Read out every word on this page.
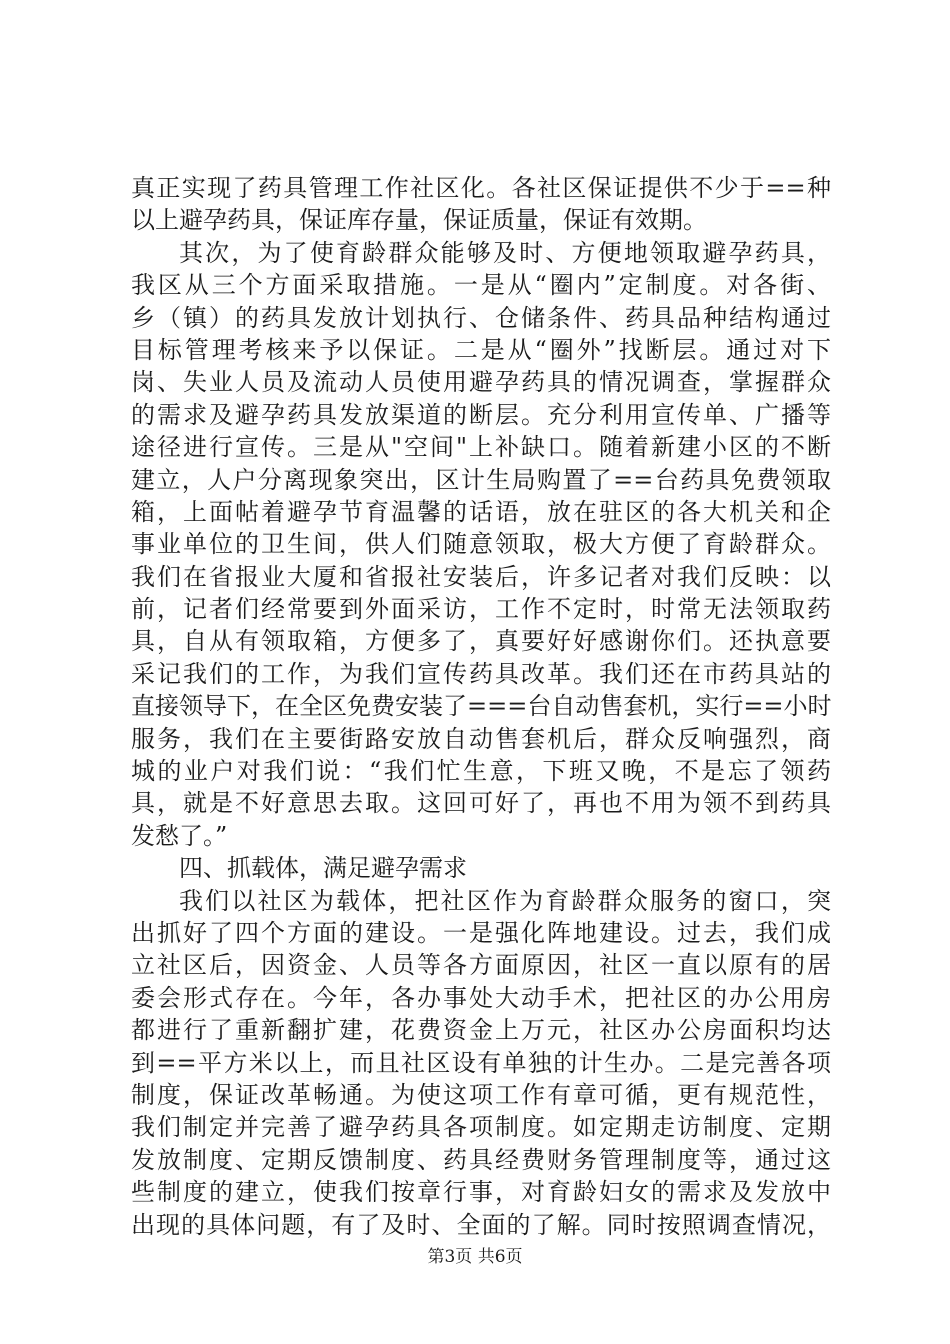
真正实现了药具管理工作社区化。各社区保证提供不少于==种
以上避孕药具，保证库存量，保证质量，保证有效期。
其次，为了使育龄群众能够及时、方便地领取避孕药具，
我区从三个方面采取措施。一是从“圈内”定制度。对各街、
乡（镇）的药具发放计划执行、仓储条件、药具品种结构通过
目标管理考核来予以保证。二是从“圈外”找断层。通过对下
岗、失业人员及流动人员使用避孕药具的情况调查，掌握群众
的需求及避孕药具发放渠道的断层。充分利用宣传单、广播等
途径进行宣传。三是从"空间"上补缺口。随着新建小区的不断
建立，人户分离现象突出，区计生局购置了==台药具免费领取
箱，上面帖着避孕节育温馨的话语，放在驻区的各大机关和企
事业单位的卫生间，供人们随意领取，极大方便了育龄群众。
我们在省报业大厦和省报社安装后，许多记者对我们反映：以
前，记者们经常要到外面采访，工作不定时，时常无法领取药
具，自从有领取箱，方便多了，真要好好感谢你们。还执意要
采记我们的工作，为我们宣传药具改革。我们还在市药具站的
直接领导下，在全区免费安装了===台自动售套机，实行==小时
服务，我们在主要街路安放自动售套机后，群众反响强烈，商
城的业户对我们说：“我们忙生意，下班又晚，不是忘了领药
具，就是不好意思去取。这回可好了，再也不用为领不到药具
发愁了。”
四、抓载体，满足避孕需求
我们以社区为载体，把社区作为育龄群众服务的窗口，突
出抓好了四个方面的建设。一是强化阵地建设。过去，我们成
立社区后，因资金、人员等各方面原因，社区一直以原有的居
委会形式存在。今年，各办事处大动手术，把社区的办公用房
都进行了重新翻扩建，花费资金上万元，社区办公房面积均达
到==平方米以上，而且社区设有单独的计生办。二是完善各项
制度，保证改革畅通。为使这项工作有章可循，更有规范性，
我们制定并完善了避孕药具各项制度。如定期走访制度、定期
发放制度、定期反馈制度、药具经费财务管理制度等，通过这
些制度的建立，使我们按章行事，对育龄妇女的需求及发放中
出现的具体问题，有了及时、全面的了解。同时按照调查情况，
第3页 共6页
